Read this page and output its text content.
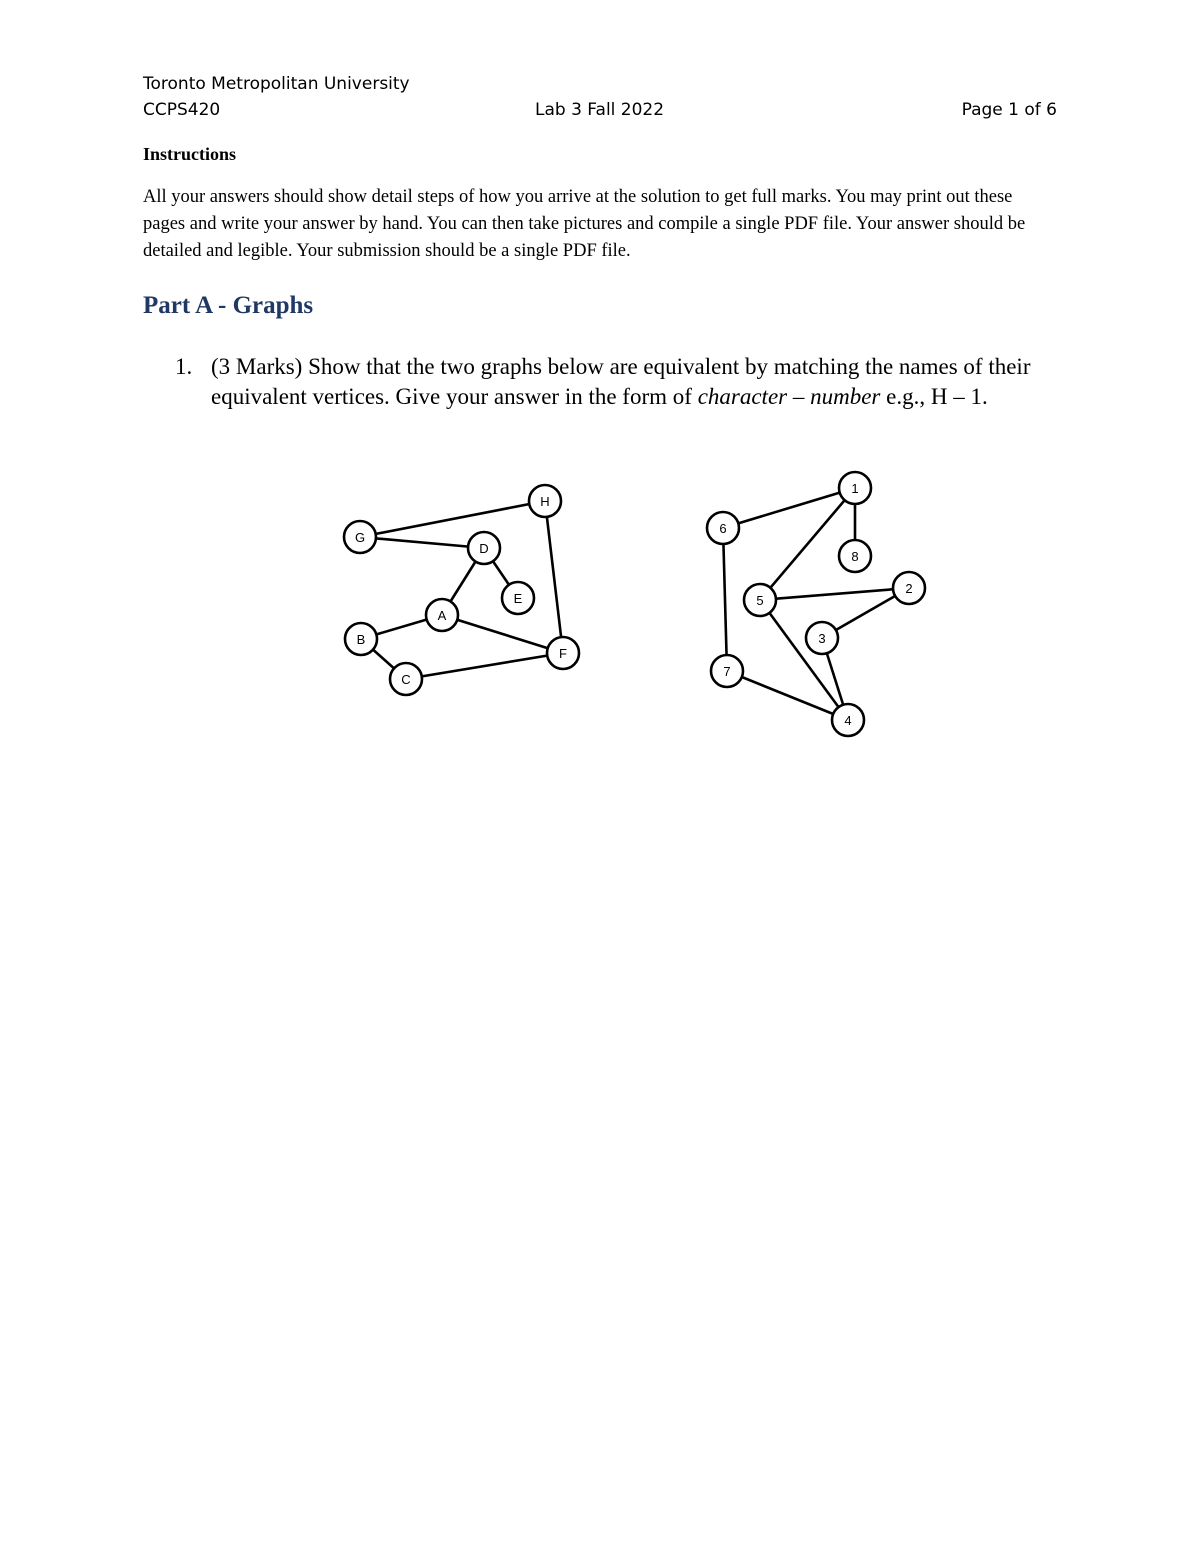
Toronto Metropolitan University
CCPS420	Lab 3 Fall 2022	Page 1 of 6
Instructions
All your answers should show detail steps of how you arrive at the solution to get full marks. You may print out these pages and write your answer by hand. You can then take pictures and compile a single PDF file. Your answer should be detailed and legible. Your submission should be a single PDF file.
Part A - Graphs
1. (3 Marks) Show that the two graphs below are equivalent by matching the names of their equivalent vertices. Give your answer in the form of character – number e.g., H – 1.
G
H
D
E
A
B
C
F
1
6
8
2
5
3
7
4
